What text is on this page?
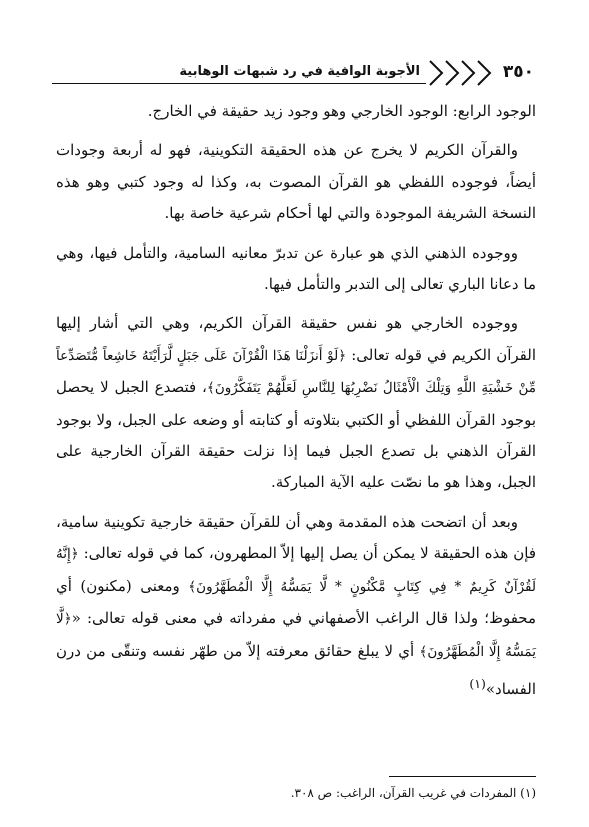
٣٥٠
الأجوبة الوافية في رد شبهات الوهابية

الوجود الرابع: الوجود الخارجي وهو وجود زيد حقيقة في الخارج.

والقرآن الكريم لا يخرج عن هذه الحقيقة التكوينية، فهو له أربعة وجودات أيضاً، فوجوده اللفظي هو القرآن المصوت به، وكذا له وجود كتبي وهو هذه النسخة الشريفة الموجودة والتي لها أحكام شرعية خاصة بها.

ووجوده الذهني الذي هو عبارة عن تدبرّ معانيه السامية، والتأمل فيها، وهي ما دعانا الباري تعالى إلى التدبر والتأمل فيها.

ووجوده الخارجي هو نفس حقيقة القرآن الكريم، وهي التي أشار إليها القرآن الكريم في قوله تعالى: ﴿لَوْ أَنزَلْنَا هَذَا الْقُرْآنَ عَلَى جَبَلٍ لَّرَأَيْتَهُ خَاشِعاً مُّتَصَدِّعاً مِّنْ خَشْيَةِ اللَّهِ وَتِلْكَ الْأَمْثَالُ نَضْرِبُهَا لِلنَّاسِ لَعَلَّهُمْ يَتَفَكَّرُونَ﴾، فتصدع الجبل لا يحصل بوجود القرآن اللفظي أو الكتبي بتلاوته أو كتابته أو وضعه على الجبل، ولا بوجود القرآن الذهني بل تصدع الجبل فيما إذا نزلت حقيقة القرآن الخارجية على الجبل، وهذا هو ما نصّت عليه الآية المباركة.

وبعد أن اتضحت هذه المقدمة وهي أن للقرآن حقيقة خارجية تكوينية سامية، فإن هذه الحقيقة لا يمكن أن يصل إليها إلاّ المطهرون، كما في قوله تعالى: ﴿إِنَّهُ لَقُرْآنٌ كَرِيمٌ * فِي كِتَابٍ مَّكْنُونٍ * لَّا يَمَسُّهُ إِلَّا الْمُطَهَّرُونَ﴾ ومعنى (مكنون) أي محفوظ؛ ولذا قال الراغب الأصفهاني في مفرداته في معنى قوله تعالى: «﴿لَّا يَمَسُّهُ إِلَّا الْمُطَهَّرُونَ﴾ أي لا يبلغ حقائق معرفته إلاّ من طهّر نفسه وتنقّى من درن الفساد»$^{(١)}$

(١) المفردات في غريب القرآن، الراغب: ص ٣٠٨.
